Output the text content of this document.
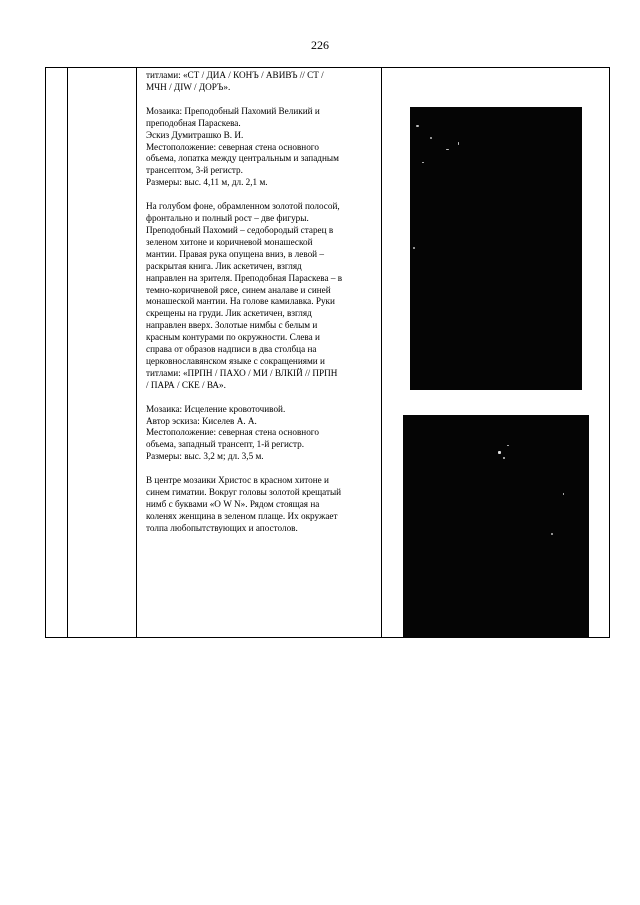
226

титлами: «СТ / ДИА / КОНЪ / АВИВЪ // СТ /
МЧН / ДIW / ДОРЪ».

Мозаика: Преподобный Пахомий Великий и
преподобная Параскева.
Эскиз Думитрашко В. И.
Местоположение: северная стена основного
объема, лопатка между центральным и западным
трансептом, 3-й регистр.
Размеры: выс. 4,11 м, дл. 2,1 м.

На голубом фоне, обрамленном золотой полосой,
фронтально и полный рост – две фигуры.
Преподобный Пахомий – седобородый старец в
зеленом хитоне и коричневой монашеской
мантии. Правая рука опущена вниз, в левой –
раскрытая книга. Лик аскетичен, взгляд
направлен на зрителя. Преподобная Параскева – в
темно-коричневой рясе, синем аналаве и синей
монашеской мантии. На голове камилавка. Руки
скрещены на груди. Лик аскетичен, взгляд
направлен вверх. Золотые нимбы с белым и
красным контурами по окружности. Слева и
справа от образов надписи в два столбца на
церковнославянском языке с сокращениями и
титлами: «ПРПН / ПАХО / МИ / ВЛКIЙ // ПРПН
/ ПАРА / СКЕ / ВА».

Мозаика: Исцеление кровоточивой.
Автор эскиза: Киселев А. А.
Местоположение: северная стена основного
объема, западный трансепт, 1-й регистр.
Размеры: выс. 3,2 м; дл. 3,5 м.

В центре мозаики Христос в красном хитоне и
синем гиматии. Вокруг головы золотой крещатый
нимб с буквами «О W N». Рядом стоящая на
коленях женщина в зеленом плаще. Их окружает
толпа любопытствующих и апостолов.
